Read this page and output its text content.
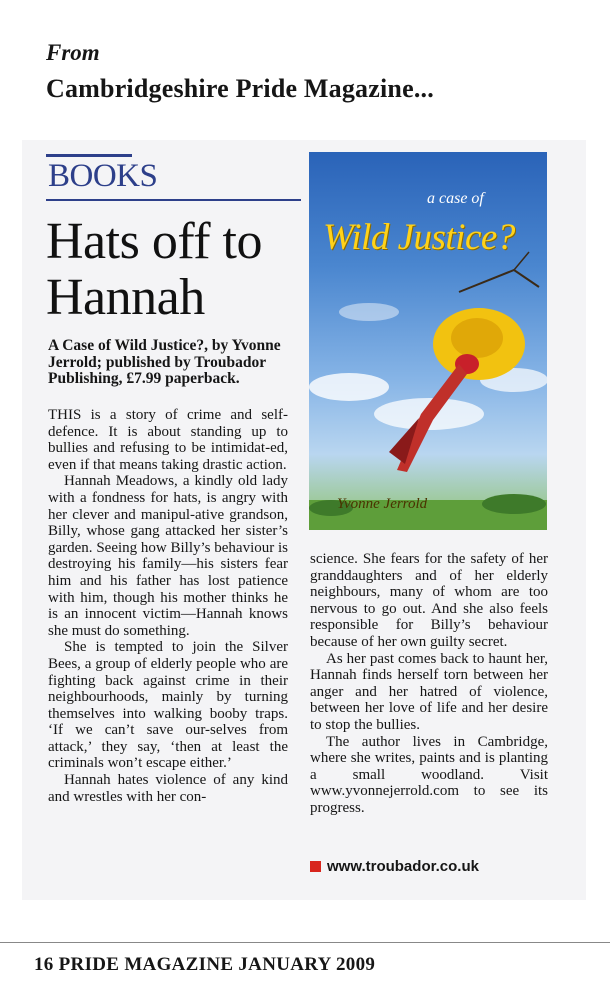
From
Cambridgeshire Pride Magazine...
BOOKS
Hats off to Hannah
A Case of Wild Justice?, by Yvonne Jerrold; published by Troubador Publishing, £7.99 paperback.

THIS is a story of crime and self-defence. It is about standing up to bullies and refusing to be intimidat-ed, even if that means taking drastic action.

Hannah Meadows, a kindly old lady with a fondness for hats, is angry with her clever and manipul-ative grandson, Billy, whose gang attacked her sister’s garden. Seeing how Billy’s behaviour is destroying his family—his sisters fear him and his father has lost patience with him, though his mother thinks he is an innocent victim—Hannah knows she must do something.

She is tempted to join the Silver Bees, a group of elderly people who are fighting back against crime in their neighbourhoods, mainly by turning themselves into walking booby traps. ‘If we can’t save our-selves from attack,’ they say, ‘then at least the criminals won’t escape either.’

Hannah hates violence of any kind and wrestles with her con-

a case of
Wild Justice?
Yvonne Jerrold

science. She fears for the safety of her granddaughters and of her elderly neighbours, many of whom are too nervous to go out. And she also feels responsible for Billy’s behaviour because of her own guilty secret.

As her past comes back to haunt her, Hannah finds herself torn between her anger and her hatred of violence, between her love of life and her desire to stop the bullies.

The author lives in Cambridge, where she writes, paints and is planting a small woodland. Visit www.yvonnejerrold.com to see its progress.

www.troubador.co.uk
16 PRIDE MAGAZINE JANUARY 2009
